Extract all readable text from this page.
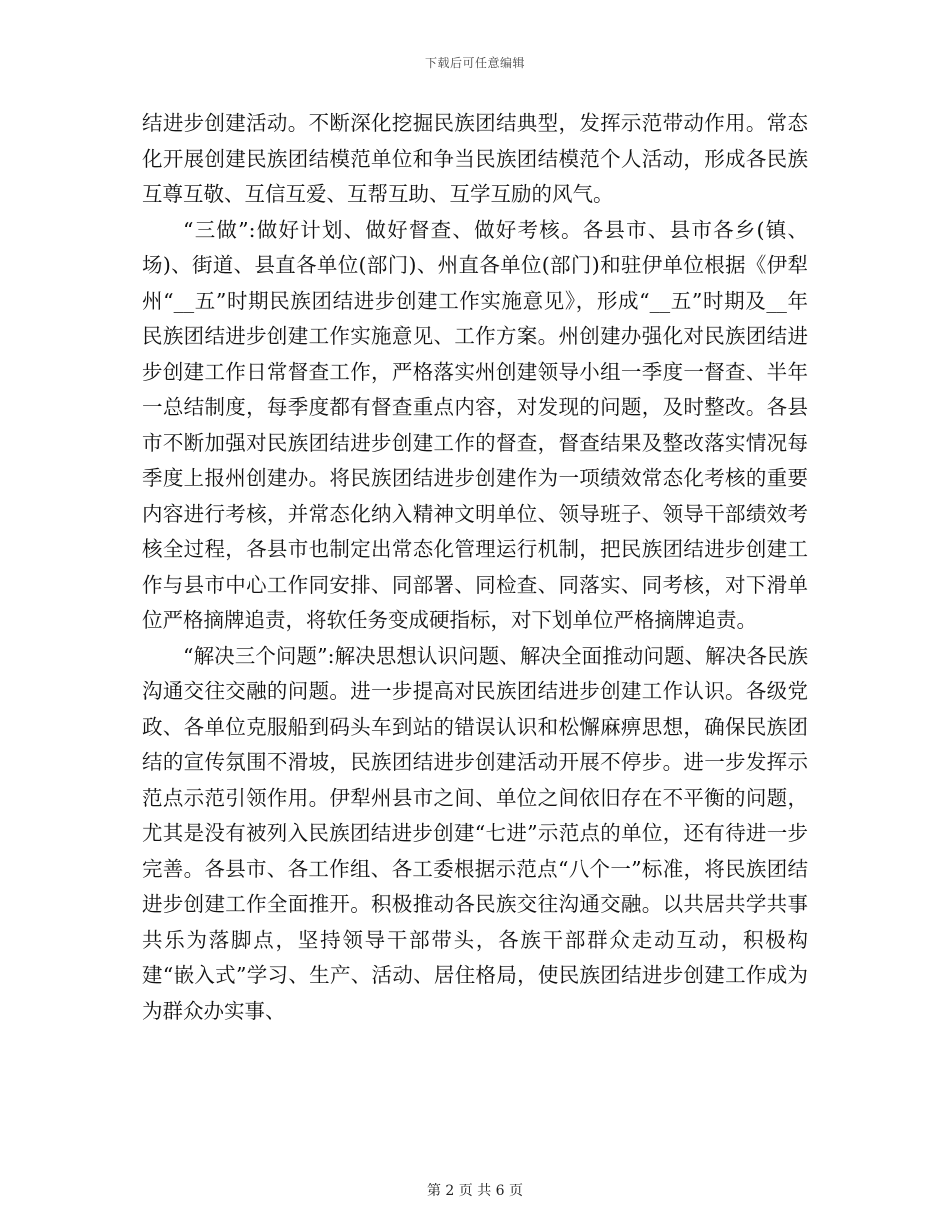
下载后可任意编辑

结进步创建活动。不断深化挖掘民族团结典型，发挥示范带动作用。常态化开展创建民族团结模范单位和争当民族团结模范个人活动，形成各民族互尊互敬、互信互爱、互帮互助、互学互励的风气。

“三做”:做好计划、做好督查、做好考核。各县市、县市各乡(镇、场)、街道、县直各单位(部门)、州直各单位(部门)和驻伊单位根据《伊犁州“__五”时期民族团结进步创建工作实施意见》，形成“__五”时期及__年民族团结进步创建工作实施意见、工作方案。州创建办强化对民族团结进步创建工作日常督查工作，严格落实州创建领导小组一季度一督查、半年一总结制度，每季度都有督查重点内容，对发现的问题，及时整改。各县市不断加强对民族团结进步创建工作的督查，督查结果及整改落实情况每季度上报州创建办。将民族团结进步创建作为一项绩效常态化考核的重要内容进行考核，并常态化纳入精神文明单位、领导班子、领导干部绩效考核全过程，各县市也制定出常态化管理运行机制，把民族团结进步创建工作与县市中心工作同安排、同部署、同检查、同落实、同考核，对下滑单位严格摘牌追责，将软任务变成硬指标，对下划单位严格摘牌追责。

“解决三个问题”:解决思想认识问题、解决全面推动问题、解决各民族沟通交往交融的问题。进一步提高对民族团结进步创建工作认识。各级党政、各单位克服船到码头车到站的错误认识和松懈麻痹思想，确保民族团结的宣传氛围不滑坡，民族团结进步创建活动开展不停步。进一步发挥示范点示范引领作用。伊犁州县市之间、单位之间依旧存在不平衡的问题，尤其是没有被列入民族团结进步创建“七进”示范点的单位，还有待进一步完善。各县市、各工作组、各工委根据示范点“八个一”标准，将民族团结进步创建工作全面推开。积极推动各民族交往沟通交融。以共居共学共事共乐为落脚点，坚持领导干部带头，各族干部群众走动互动，积极构建“嵌入式”学习、生产、活动、居住格局，使民族团结进步创建工作成为为群众办实事、

第 2 页 共 6 页
